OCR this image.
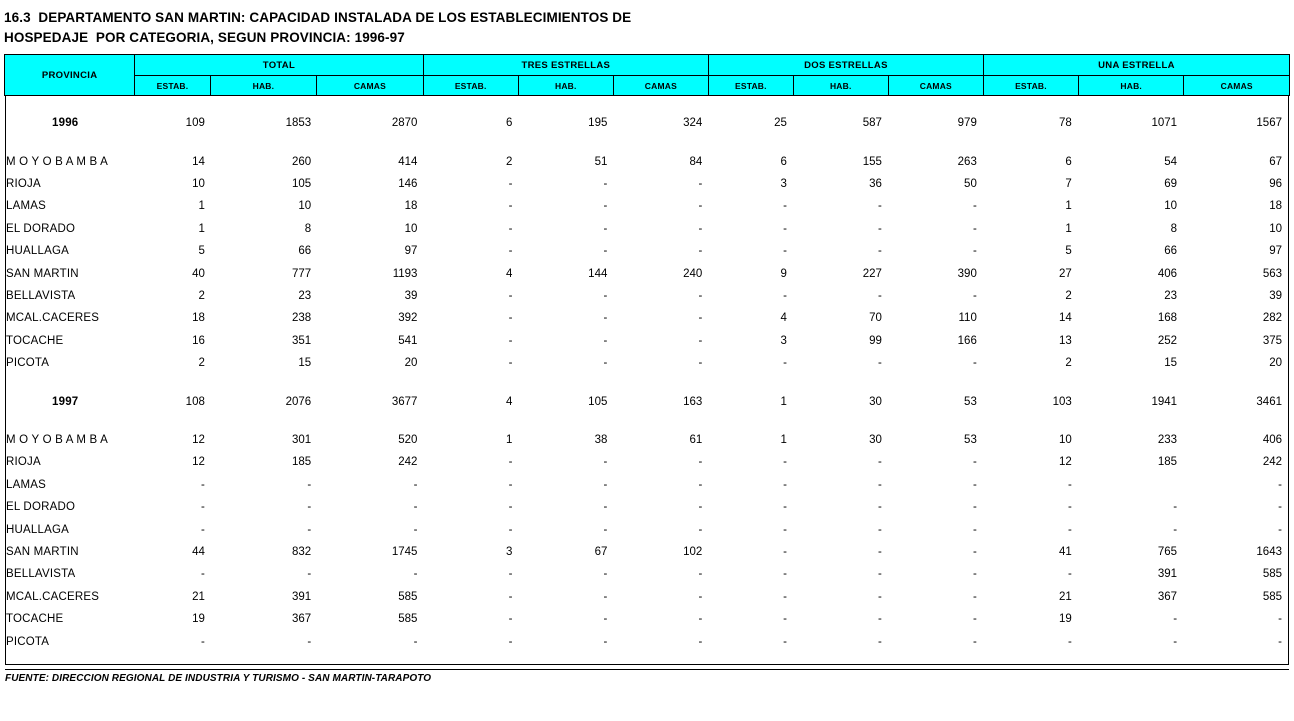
16.3  DEPARTAMENTO SAN MARTIN: CAPACIDAD INSTALADA DE LOS ESTABLECIMIENTOS DE
HOSPEDAJE  POR CATEGORIA, SEGUN PROVINCIA: 1996-97
PROVINCIA	TOTAL			TRES ESTRELLAS			DOS ESTRELLAS			UNA ESTRELLA		
	ESTAB.	HAB.	CAMAS	ESTAB.	HAB.	CAMAS	ESTAB.	HAB.	CAMAS	ESTAB.	HAB.	CAMAS

1996	109	1853	2870	6	195	324	25	587	979	78	1071	1567

M O Y O B A M B A	14	260	414	2	51	84	6	155	263	6	54	67
RIOJA	10	105	146	-	-	-	3	36	50	7	69	96
LAMAS	1	10	18	-	-	-	-	-	-	1	10	18
EL DORADO	1	8	10	-	-	-	-	-	-	1	8	10
HUALLAGA	5	66	97	-	-	-	-	-	-	5	66	97
SAN MARTIN	40	777	1193	4	144	240	9	227	390	27	406	563
BELLAVISTA	2	23	39	-	-	-	-	-	-	2	23	39
MCAL.CACERES	18	238	392	-	-	-	4	70	110	14	168	282
TOCACHE	16	351	541	-	-	-	3	99	166	13	252	375
PICOTA	2	15	20	-	-	-	-	-	-	2	15	20

1997	108	2076	3677	4	105	163	1	30	53	103	1941	3461

M O Y O B A M B A	12	301	520	1	38	61	1	30	53	10	233	406
RIOJA	12	185	242	-	-	-	-	-	-	12	185	242
LAMAS	-	-	-	-	-	-	-	-	-	-		-
EL DORADO	-	-	-	-	-	-	-	-	-	-	-	-
HUALLAGA	-	-	-	-	-	-	-	-	-	-	-	-
SAN MARTIN	44	832	1745	3	67	102	-	-	-	41	765	1643
BELLAVISTA	-	-	-	-	-	-	-	-	-	-	391	585
MCAL.CACERES	21	391	585	-	-	-	-	-	-	21	367	585
TOCACHE	19	367	585	-	-	-	-	-	-	19	-	-
PICOTA	-	-	-	-	-	-	-	-	-	-	-	-

FUENTE: DIRECCION REGIONAL DE INDUSTRIA Y TURISMO - SAN MARTIN-TARAPOTO
